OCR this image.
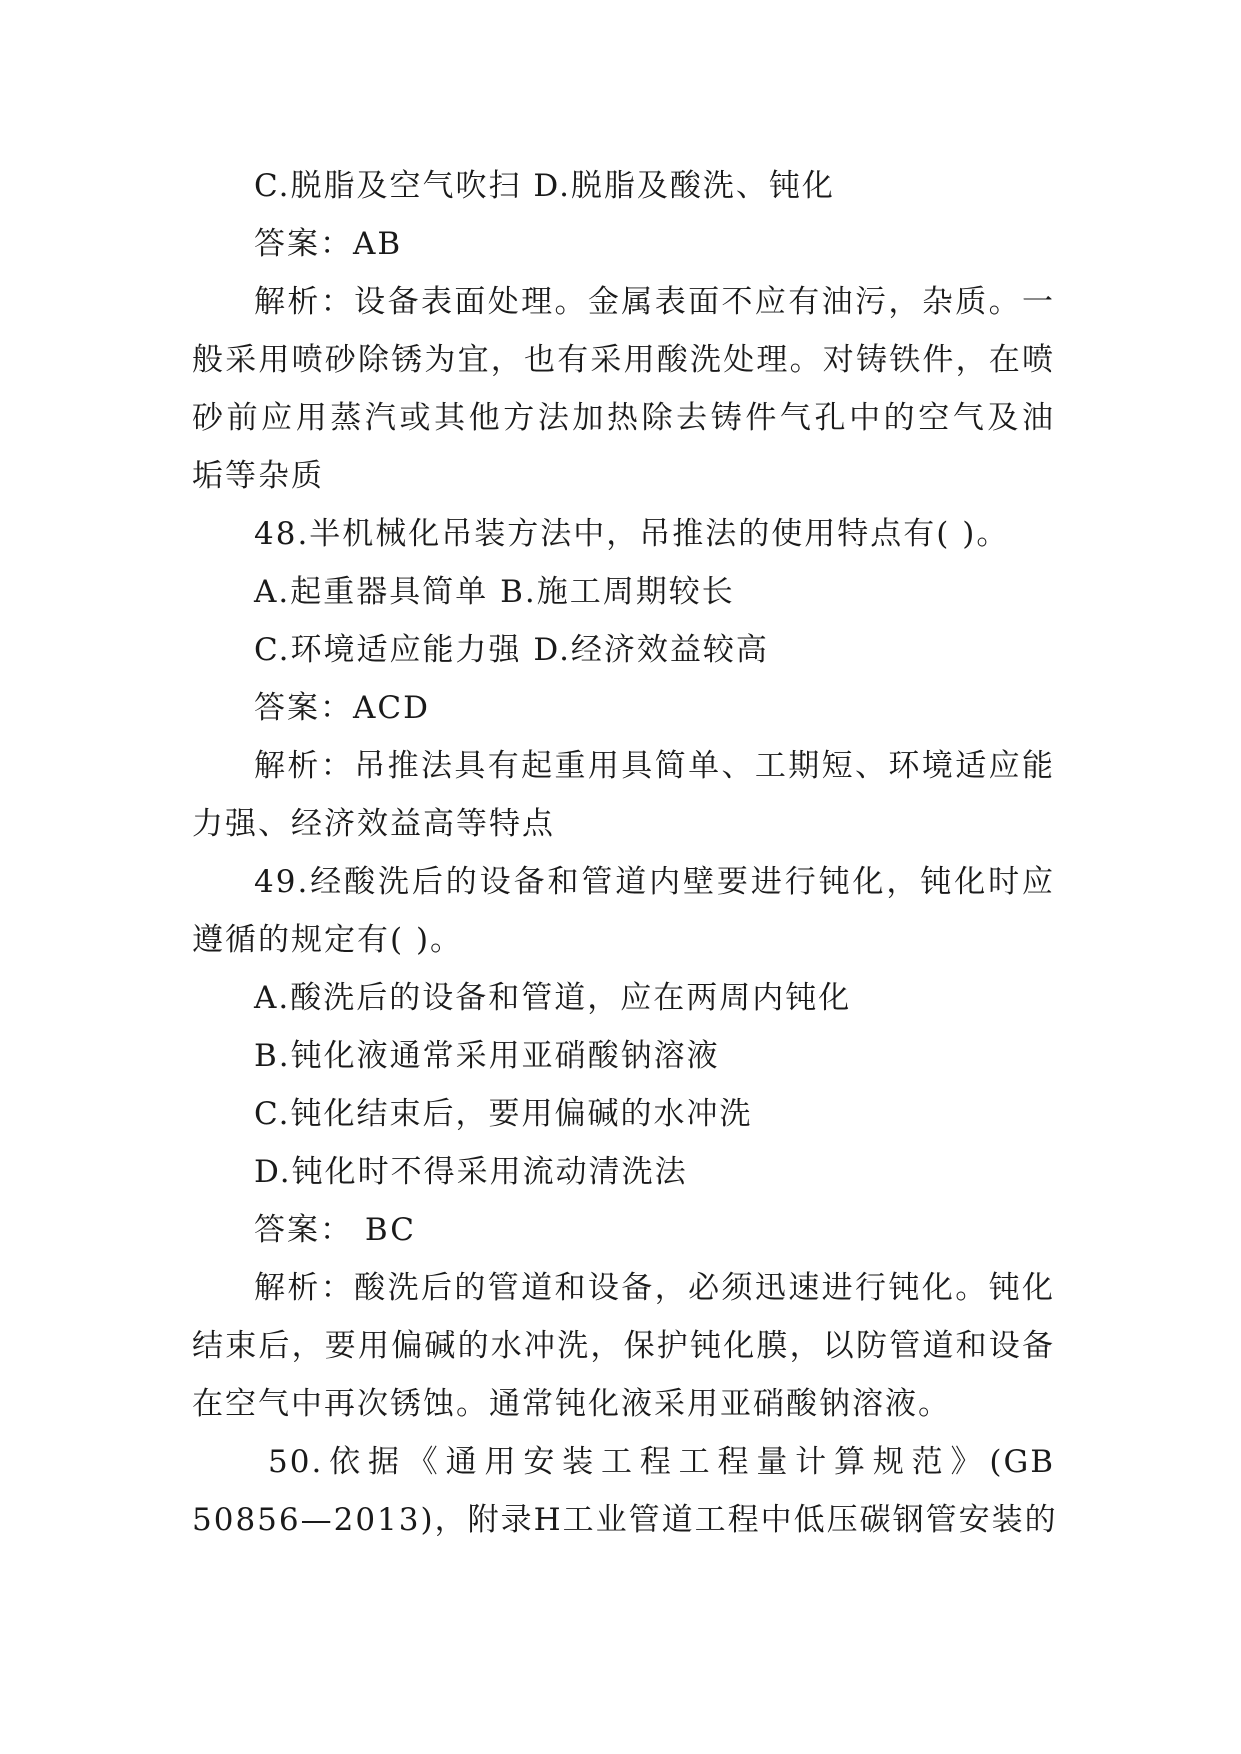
C.脱脂及空气吹扫 D.脱脂及酸洗、钝化
答案：AB
解析：设备表面处理。金属表面不应有油污，杂质。一
般采用喷砂除锈为宜，也有采用酸洗处理。对铸铁件，在喷
砂前应用蒸汽或其他方法加热除去铸件气孔中的空气及油
垢等杂质
48.半机械化吊装方法中，吊推法的使用特点有( )。
A.起重器具简单 B.施工周期较长
C.环境适应能力强 D.经济效益较高
答案：ACD
解析：吊推法具有起重用具简单、工期短、环境适应能
力强、经济效益高等特点
49.经酸洗后的设备和管道内壁要进行钝化，钝化时应
遵循的规定有( )。
A.酸洗后的设备和管道，应在两周内钝化
B.钝化液通常采用亚硝酸钠溶液
C.钝化结束后，要用偏碱的水冲洗
D.钝化时不得采用流动清洗法
答案： BC
解析：酸洗后的管道和设备，必须迅速进行钝化。钝化
结束后，要用偏碱的水冲洗，保护钝化膜，以防管道和设备
在空气中再次锈蚀。通常钝化液采用亚硝酸钠溶液。
50.依据《通用安装工程工程量计算规范》(GB
50856—2013)，附录H工业管道工程中低压碳钢管安装的
